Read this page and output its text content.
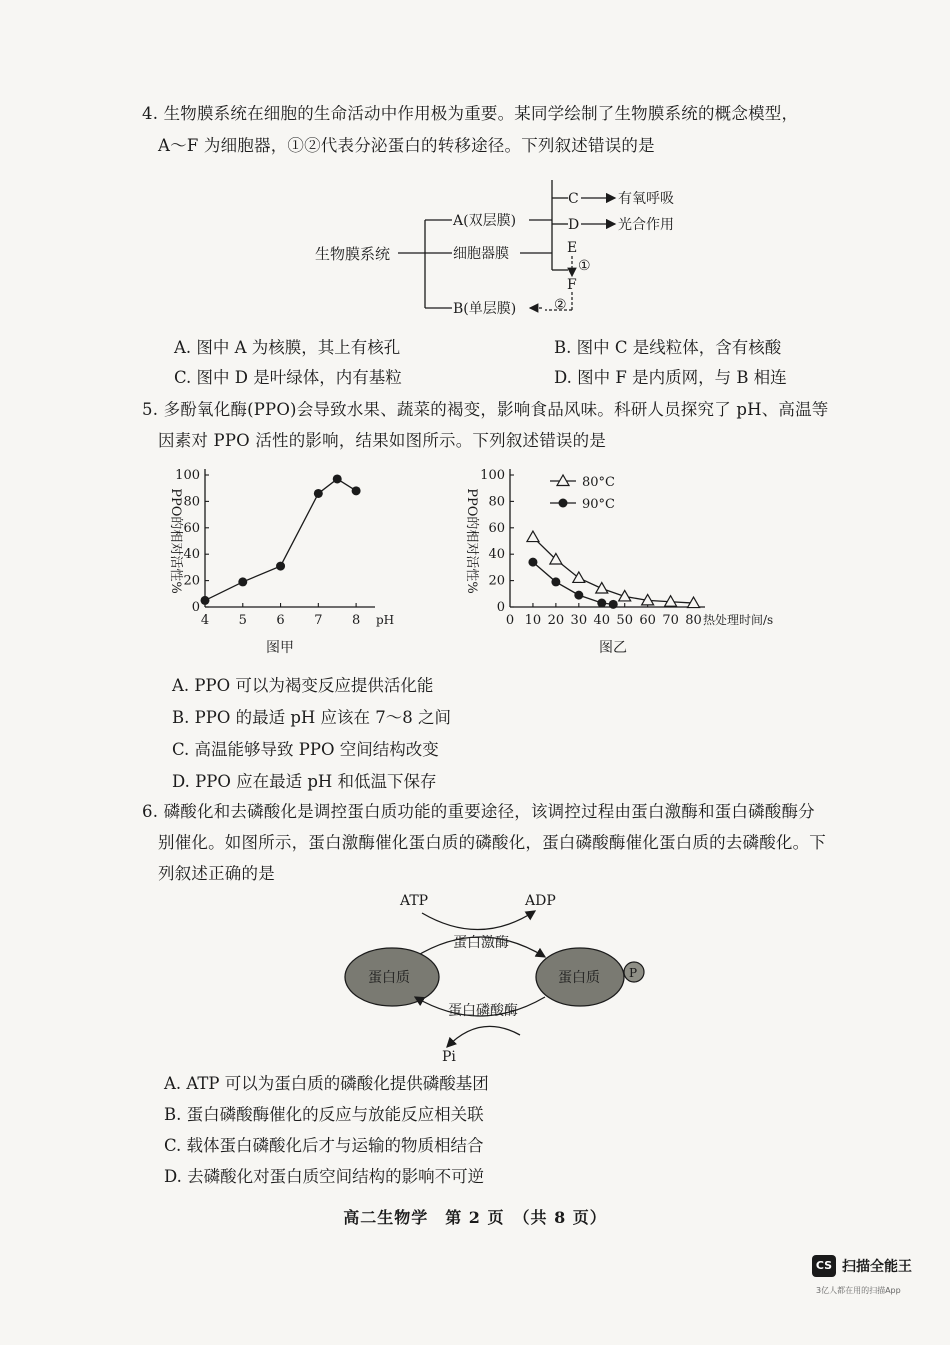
4. 生物膜系统在细胞的生命活动中作用极为重要。某同学绘制了生物膜系统的概念模型，
A～F 为细胞器，①②代表分泌蛋白的转移途径。下列叙述错误的是
生物膜系统
A(双层膜)
细胞器膜
B(单层膜)
C	有氧呼吸
D	光合作用
E
①
F
②
A. 图中 A 为核膜，其上有核孔	B. 图中 C 是线粒体，含有核酸
C. 图中 D 是叶绿体，内有基粒	D. 图中 F 是内质网，与 B 相连
5. 多酚氧化酶(PPO)会导致水果、蔬菜的褐变，影响食品风味。科研人员探究了 pH、高温等
因素对 PPO 活性的影响，结果如图所示。下列叙述错误的是
0
20
40
60
80
100
4 5 6 7 8
PPO的相对活性%
pH
图甲
0
20
40
60
80
100
0 10 20 30 40 50 60 70 80
PPO的相对活性%
热处理时间/s
图乙
80°C
90°C
A. PPO 可以为褐变反应提供活化能
B. PPO 的最适 pH 应该在 7～8 之间
C. 高温能够导致 PPO 空间结构改变
D. PPO 应在最适 pH 和低温下保存
6. 磷酸化和去磷酸化是调控蛋白质功能的重要途径，该调控过程由蛋白激酶和蛋白磷酸酶分
别催化。如图所示，蛋白激酶催化蛋白质的磷酸化，蛋白磷酸酶催化蛋白质的去磷酸化。下
列叙述正确的是
ATP	ADP
蛋白激酶
蛋白质	蛋白质 P
蛋白磷酸酶
Pi
A. ATP 可以为蛋白质的磷酸化提供磷酸基团
B. 蛋白磷酸酶催化的反应与放能反应相关联
C. 载体蛋白磷酸化后才与运输的物质相结合
D. 去磷酸化对蛋白质空间结构的影响不可逆
高二生物学　第 2 页　（共 8 页）
CS 扫描全能王
3亿人都在用的扫描App
